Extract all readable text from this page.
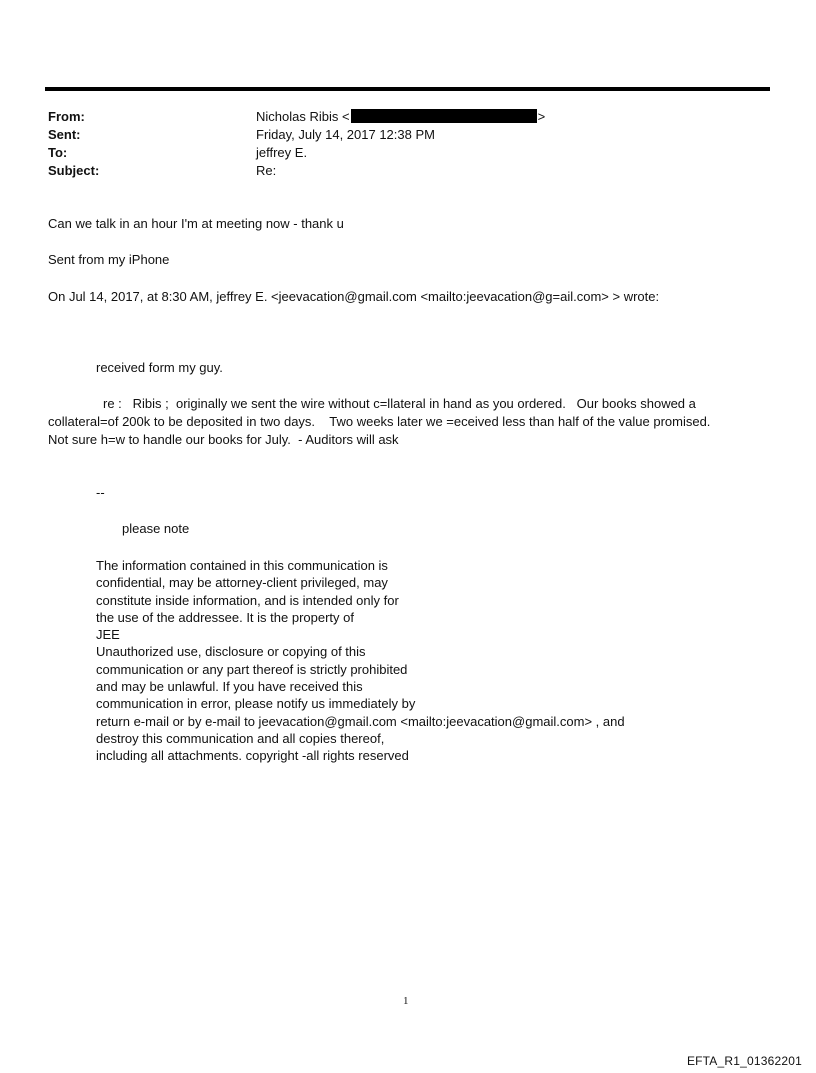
From:	Nicholas Ribis <	>
Sent:	Friday, July 14, 2017 12:38 PM
To:	jeffrey E.
Subject:	Re:
Can we talk in an hour I'm at meeting now - thank u
Sent from my iPhone
On Jul 14, 2017, at 8:30 AM, jeffrey E. <jeevacation@gmail.com <mailto:jeevacation@g=ail.com> > wrote:
received form my guy.
re :   Ribis ;  originally we sent the wire without c=llateral in hand as you ordered.   Our books showed a
collateral=of 200k to be deposited in two days.    Two weeks later we =eceived less than half of the value promised.
Not sure h=w to handle our books for July.  - Auditors will ask
--
please note
The information contained in this communication is
confidential, may be attorney-client privileged, may
constitute inside information, and is intended only for
the use of the addressee. It is the property of
JEE
Unauthorized use, disclosure or copying of this
communication or any part thereof is strictly prohibited
and may be unlawful. If you have received this
communication in error, please notify us immediately by
return e-mail or by e-mail to jeevacation@gmail.com <mailto:jeevacation@gmail.com> , and
destroy this communication and all copies thereof,
including all attachments. copyright -all rights reserved
1
EFTA_R1_01362201
